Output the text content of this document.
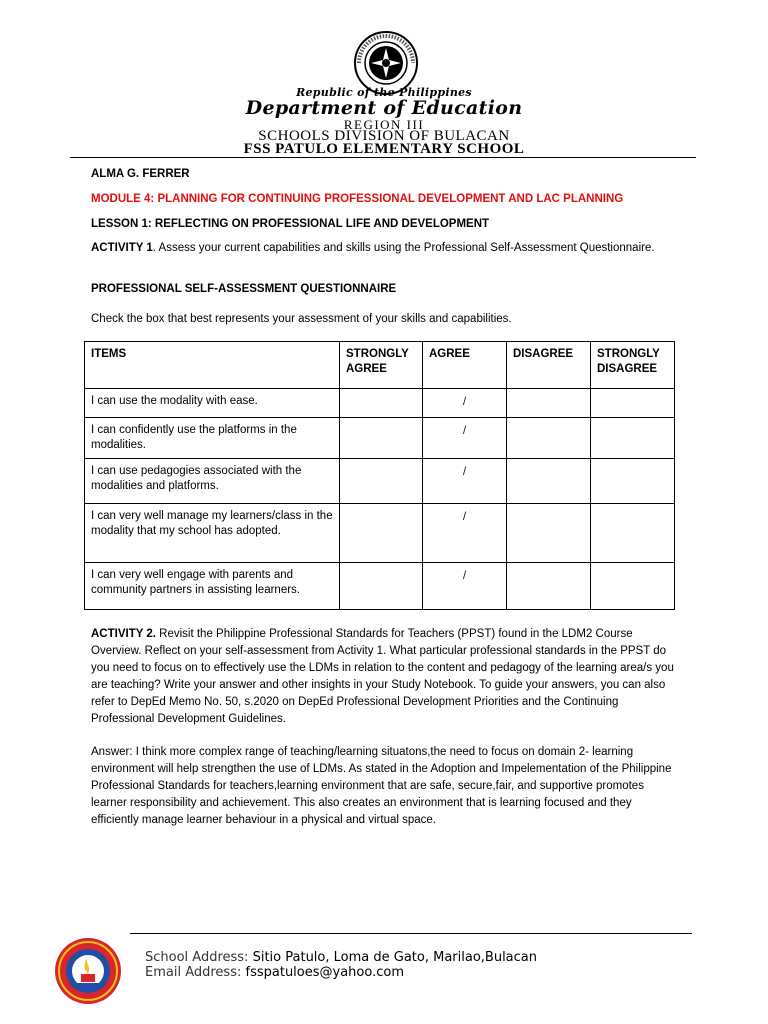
Republic of the Philippines
Department of Education
REGION III
SCHOOLS DIVISION OF BULACAN
FSS PATULO ELEMENTARY SCHOOL
ALMA G. FERRER
MODULE 4: PLANNING FOR CONTINUING PROFESSIONAL DEVELOPMENT AND LAC PLANNING
LESSON 1: REFLECTING ON PROFESSIONAL LIFE AND DEVELOPMENT
ACTIVITY 1. Assess your current capabilities and skills using the Professional Self-Assessment Questionnaire.
PROFESSIONAL SELF-ASSESSMENT QUESTIONNAIRE
Check the box that best represents your assessment of your skills and capabilities.
ITEMS	STRONGLY AGREE	AGREE	DISAGREE	STRONGLY DISAGREE
I can use the modality with ease.		/		
I can confidently use the platforms in the modalities.		/		
I can use pedagogies associated with the modalities and platforms.		/		
I can very well manage my learners/class in the modality that my school has adopted.		/		
I can very well engage with parents and community partners in assisting learners.		/		
ACTIVITY 2. Revisit the Philippine Professional Standards for Teachers (PPST) found in the LDM2 Course Overview. Reflect on your self-assessment from Activity 1. What particular professional standards in the PPST do you need to focus on to effectively use the LDMs in relation to the content and pedagogy of the learning area/s you are teaching? Write your answer and other insights in your Study Notebook. To guide your answers, you can also refer to DepEd Memo No. 50, s.2020 on DepEd Professional Development Priorities and the Continuing Professional Development Guidelines.
Answer: I think more complex range of teaching/learning situatons,the need to focus on domain 2- learning environment will help strengthen the use of LDMs. As stated in the Adoption and Impelementation of the Philippine Professional Standards for teachers,learning environment that are safe, secure,fair, and supportive promotes learner responsibility and achievement. This also creates an environment that is learning focused and they efficiently manage learner behaviour in a physical and virtual space.
School Address: Sitio Patulo, Loma de Gato, Marilao,Bulacan
Email Address: fsspatuloes@yahoo.com
